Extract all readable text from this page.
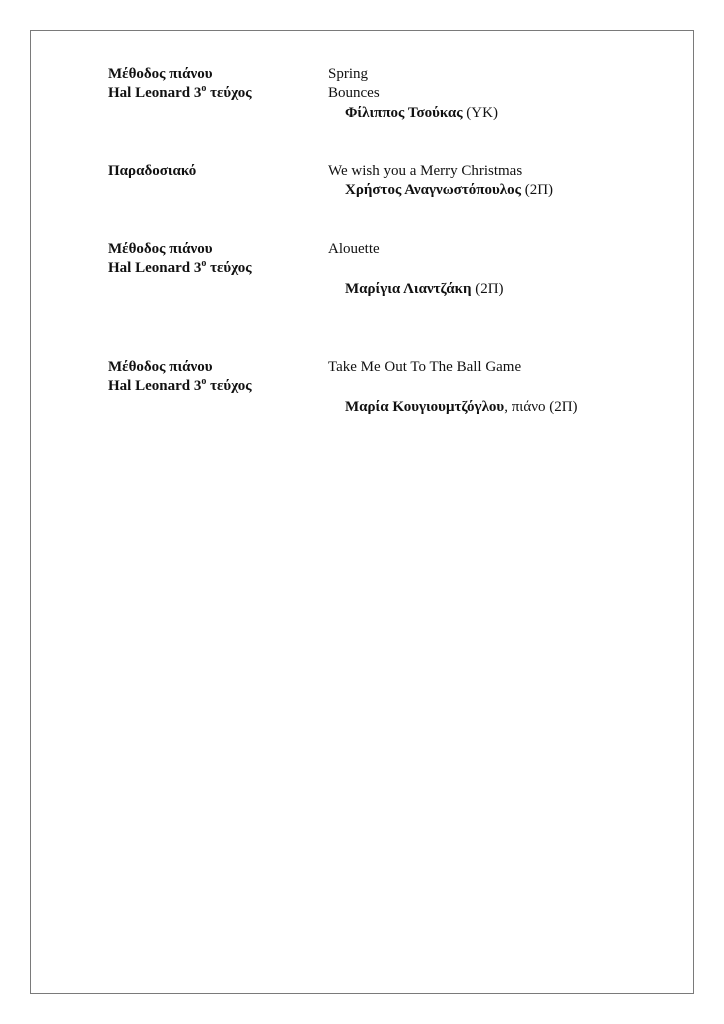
Μέθοδος πιάνου
Hal Leonard $3^o$ τεύχος
Spring
Bounces
Φίλιππος Τσούκας (ΥΚ)
Παραδοσιακό	We wish you a Merry Christmas
Χρήστος Αναγνωστόπουλος (2Π)
Μέθοδος πιάνου
Hal Leonard $3^o$ τεύχος
Alouette
Μαρίγια Λιαντζάκη (2Π)
Μέθοδος πιάνου
Hal Leonard $3^o$ τεύχος
Take Me Out To The Ball Game
Μαρία Κουγιουμτζόγλου, πιάνο (2Π)
